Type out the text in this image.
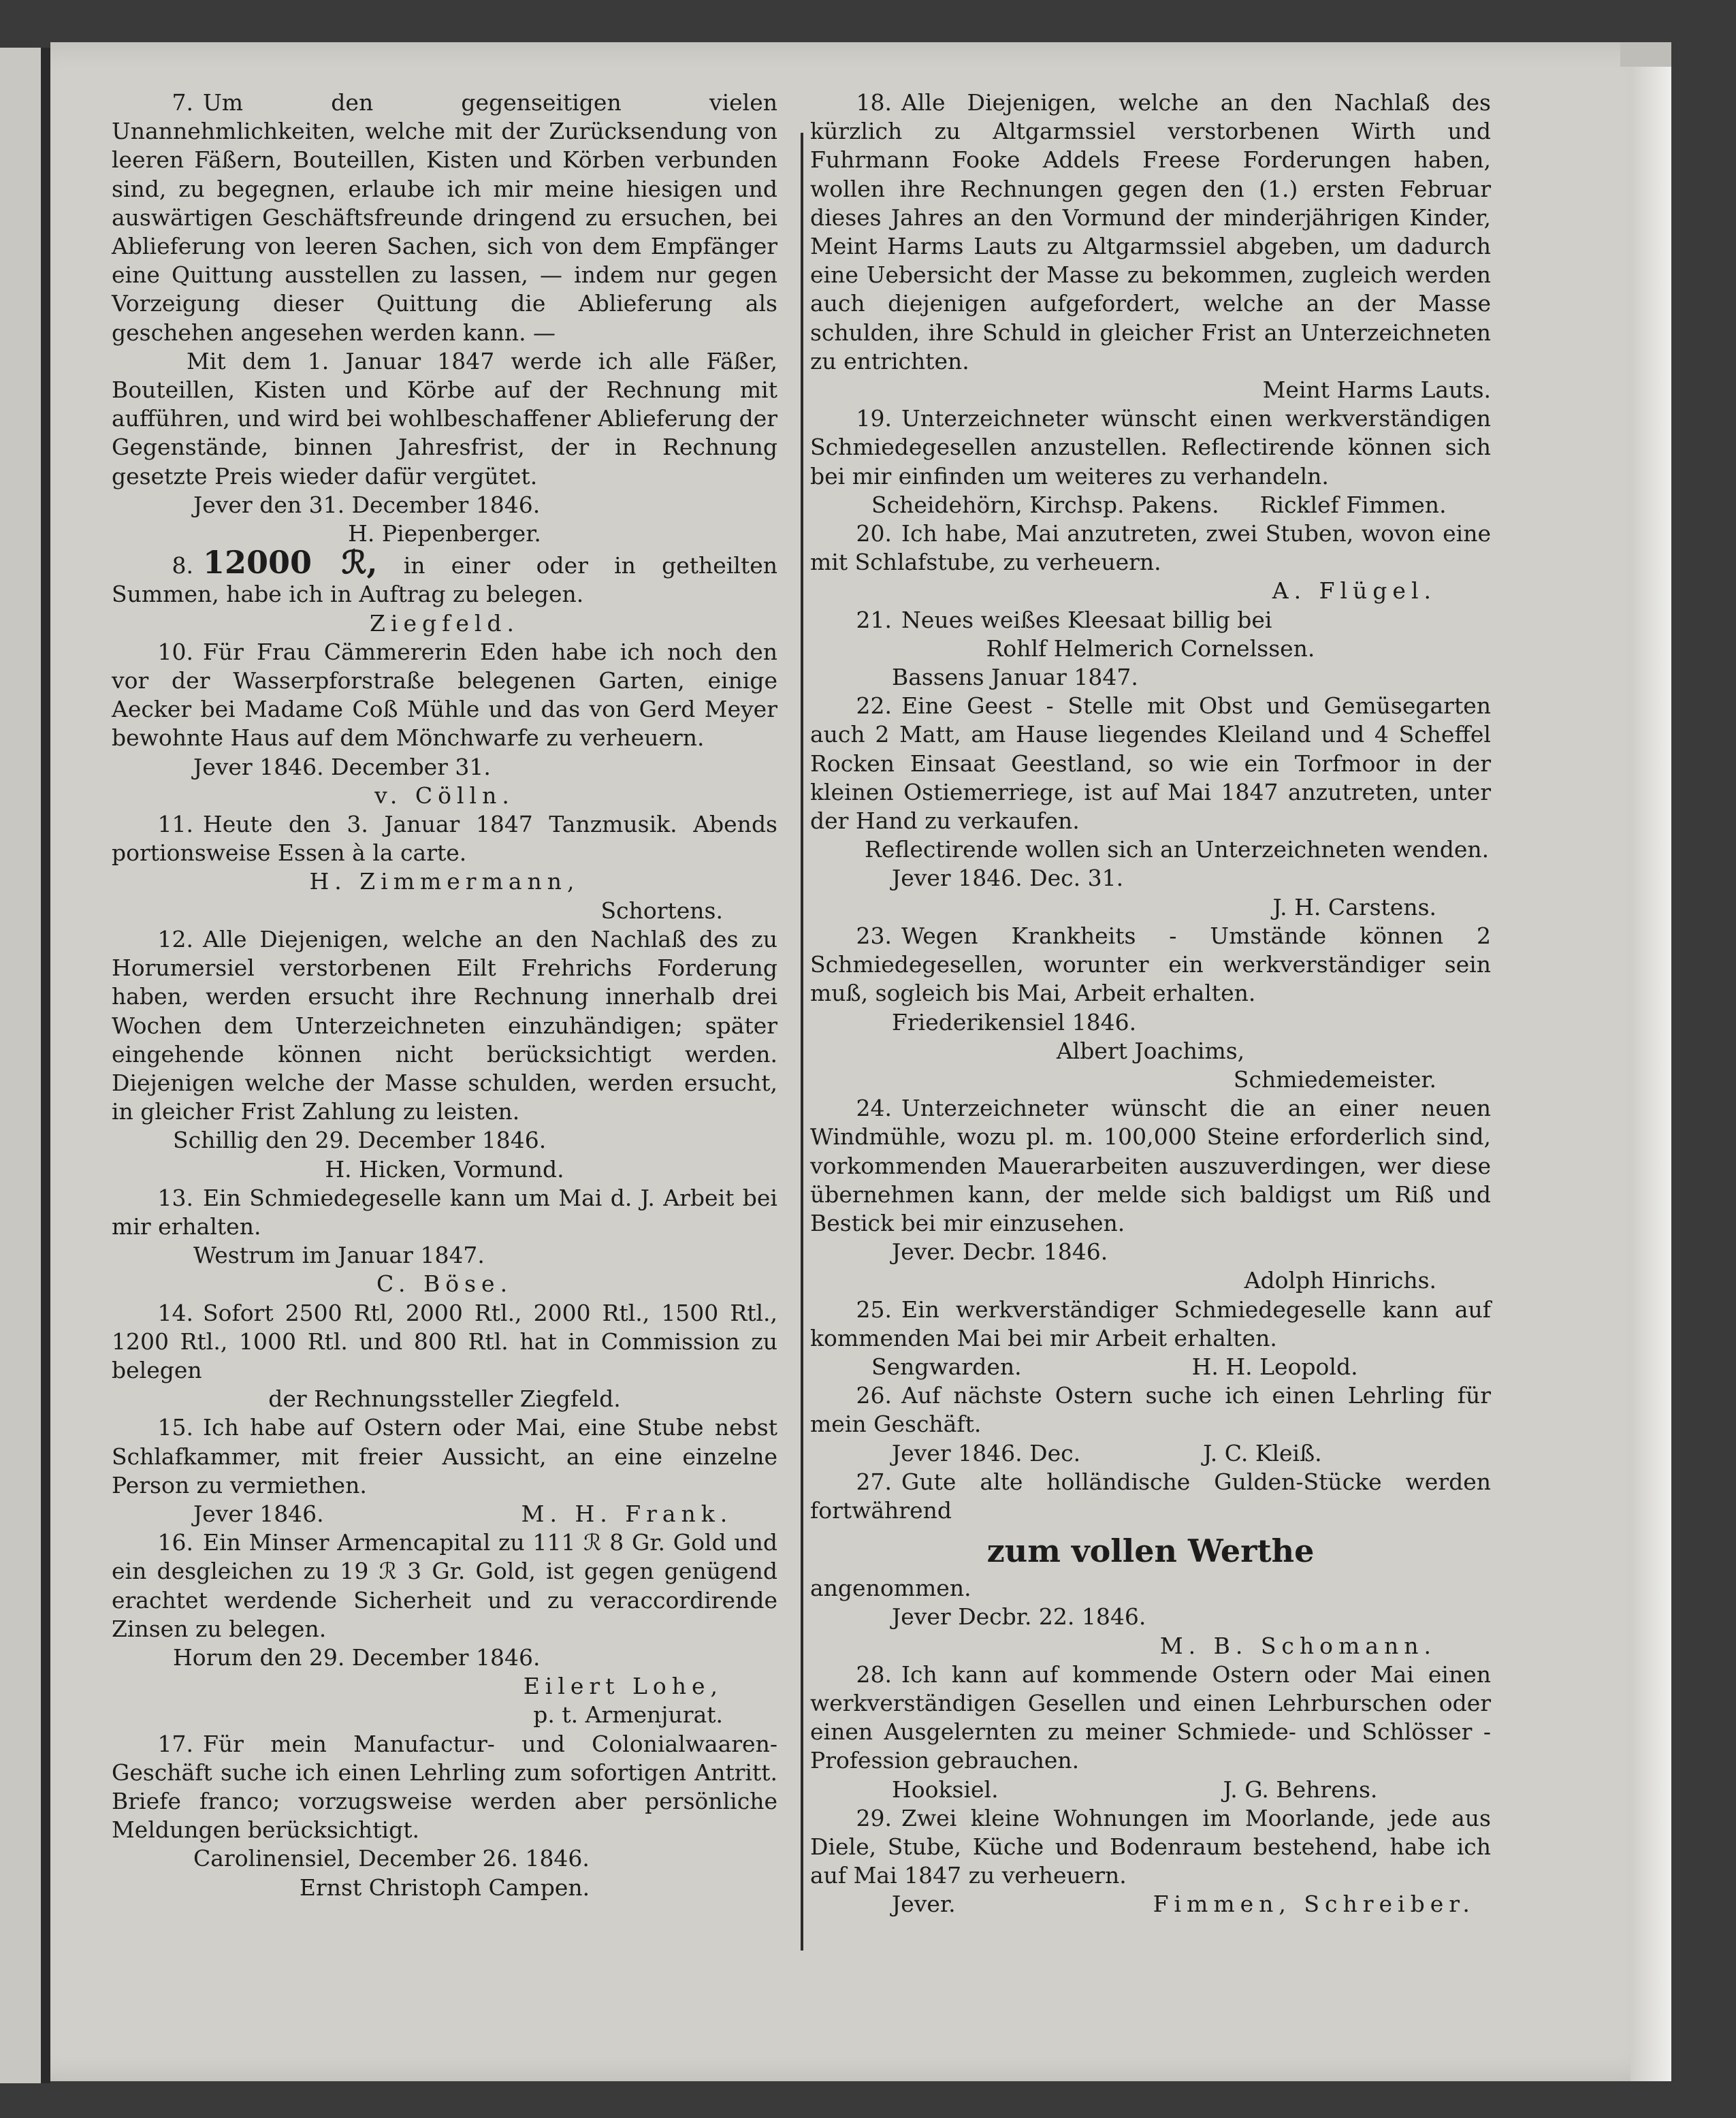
7. Um den gegenseitigen vielen Unannehmlichkeiten, welche mit der Zurücksendung von leeren Fäßern, Bouteillen, Kisten und Körben verbunden sind, zu begegnen, erlaube ich mir meine hiesigen und auswärtigen Geschäftsfreunde dringend zu ersuchen, bei Ablieferung von leeren Sachen, sich von dem Empfänger eine Quittung ausstellen zu lassen, — indem nur gegen Vorzeigung dieser Quittung die Ablieferung als geschehen angesehen werden kann. —

Mit dem 1. Januar 1847 werde ich alle Fäßer, Bouteillen, Kisten und Körbe auf der Rechnung mit aufführen, und wird bei wohlbeschaffener Ablieferung der Gegenstände, binnen Jahresfrist, der in Rechnung gesetzte Preis wieder dafür vergütet.

Jever den 31. December 1846.
H. Piepenberger.

8. 12000 ℛ, in einer oder in getheilten Summen, habe ich in Auftrag zu belegen.

Ziegfeld.

10. Für Frau Cämmererin Eden habe ich noch den vor der Wasserpforstraße belegenen Garten, einige Aecker bei Madame Coß Mühle und das von Gerd Meyer bewohnte Haus auf dem Mönchwarfe zu verheuern.

Jever 1846. December 31.
v. Cölln.

11. Heute den 3. Januar 1847 Tanzmusik. Abends portionsweise Essen à la carte.

H. Zimmermann,
Schortens.

12. Alle Diejenigen, welche an den Nachlaß des zu Horumersiel verstorbenen Eilt Frehrichs Forderung haben, werden ersucht ihre Rechnung innerhalb drei Wochen dem Unterzeichneten einzuhändigen; später eingehende können nicht berücksichtigt werden. Diejenigen welche der Masse schulden, werden ersucht, in gleicher Frist Zahlung zu leisten.

Schillig den 29. December 1846.
H. Hicken, Vormund.

13. Ein Schmiedegeselle kann um Mai d. J. Arbeit bei mir erhalten.

Westrum im Januar 1847.
C. Böse.

14. Sofort 2500 Rtl, 2000 Rtl., 2000 Rtl., 1500 Rtl., 1200 Rtl., 1000 Rtl. und 800 Rtl. hat in Commission zu belegen

der Rechnungssteller Ziegfeld.

15. Ich habe auf Ostern oder Mai, eine Stube nebst Schlafkammer, mit freier Aussicht, an eine einzelne Person zu vermiethen.

Jever 1846.	M. H. Frank.

16. Ein Minser Armencapital zu 111 ℛ 8 Gr. Gold und ein desgleichen zu 19 ℛ 3 Gr. Gold, ist gegen genügend erachtet werdende Sicherheit und zu veraccordirende Zinsen zu belegen.

Horum den 29. December 1846.
Eilert Lohe,
p. t. Armenjurat.

17. Für mein Manufactur- und Colonialwaaren-Geschäft suche ich einen Lehrling zum sofortigen Antritt. Briefe franco; vorzugsweise werden aber persönliche Meldungen berücksichtigt.

Carolinensiel, December 26. 1846.
Ernst Christoph Campen.

18. Alle Diejenigen, welche an den Nachlaß des kürzlich zu Altgarmssiel verstorbenen Wirth und Fuhrmann Fooke Addels Freese Forderungen haben, wollen ihre Rechnungen gegen den (1.) ersten Februar dieses Jahres an den Vormund der minderjährigen Kinder, Meint Harms Lauts zu Altgarmssiel abgeben, um dadurch eine Uebersicht der Masse zu bekommen, zugleich werden auch diejenigen aufgefordert, welche an der Masse schulden, ihre Schuld in gleicher Frist an Unterzeichneten zu entrichten.

Meint Harms Lauts.

19. Unterzeichneter wünscht einen werkverständigen Schmiedegesellen anzustellen. Reflectirende können sich bei mir einfinden um weiteres zu verhandeln.

Scheidehörn, Kirchsp. Pakens. Ricklef Fimmen.

20. Ich habe, Mai anzutreten, zwei Stuben, wovon eine mit Schlafstube, zu verheuern.

A. Flügel.

21. Neues weißes Kleesaat billig bei

Rohlf Helmerich Cornelssen.
Bassens Januar 1847.

22. Eine Geest - Stelle mit Obst und Gemüsegarten auch 2 Matt, am Hause liegendes Kleiland und 4 Scheffel Rocken Einsaat Geestland, so wie ein Torfmoor in der kleinen Ostiemerriege, ist auf Mai 1847 anzutreten, unter der Hand zu verkaufen.

Reflectirende wollen sich an Unterzeichneten wenden.

Jever 1846. Dec. 31.
J. H. Carstens.

23. Wegen Krankheits - Umstände können 2 Schmiedegesellen, worunter ein werkverständiger sein muß, sogleich bis Mai, Arbeit erhalten.

Friederikensiel 1846.
Albert Joachims,
Schmiedemeister.

24. Unterzeichneter wünscht die an einer neuen Windmühle, wozu pl. m. 100,000 Steine erforderlich sind, vorkommenden Mauerarbeiten auszuverdingen, wer diese übernehmen kann, der melde sich baldigst um Riß und Bestick bei mir einzusehen.

Jever. Decbr. 1846.
Adolph Hinrichs.

25. Ein werkverständiger Schmiedegeselle kann auf kommenden Mai bei mir Arbeit erhalten.

Sengwarden.	H. H. Leopold.

26. Auf nächste Ostern suche ich einen Lehrling für mein Geschäft.

Jever 1846. Dec.	J. C. Kleiß.

27. Gute alte holländische Gulden-Stücke werden fortwährend

zum vollen Werthe
angenommen.
Jever Decbr. 22. 1846.
M. B. Schomann.

28. Ich kann auf kommende Ostern oder Mai einen werkverständigen Gesellen und einen Lehrburschen oder einen Ausgelernten zu meiner Schmiede- und Schlösser - Profession gebrauchen.

Hooksiel.	J. G. Behrens.

29. Zwei kleine Wohnungen im Moorlande, jede aus Diele, Stube, Küche und Bodenraum bestehend, habe ich auf Mai 1847 zu verheuern.

Jever.	Fimmen, Schreiber.
